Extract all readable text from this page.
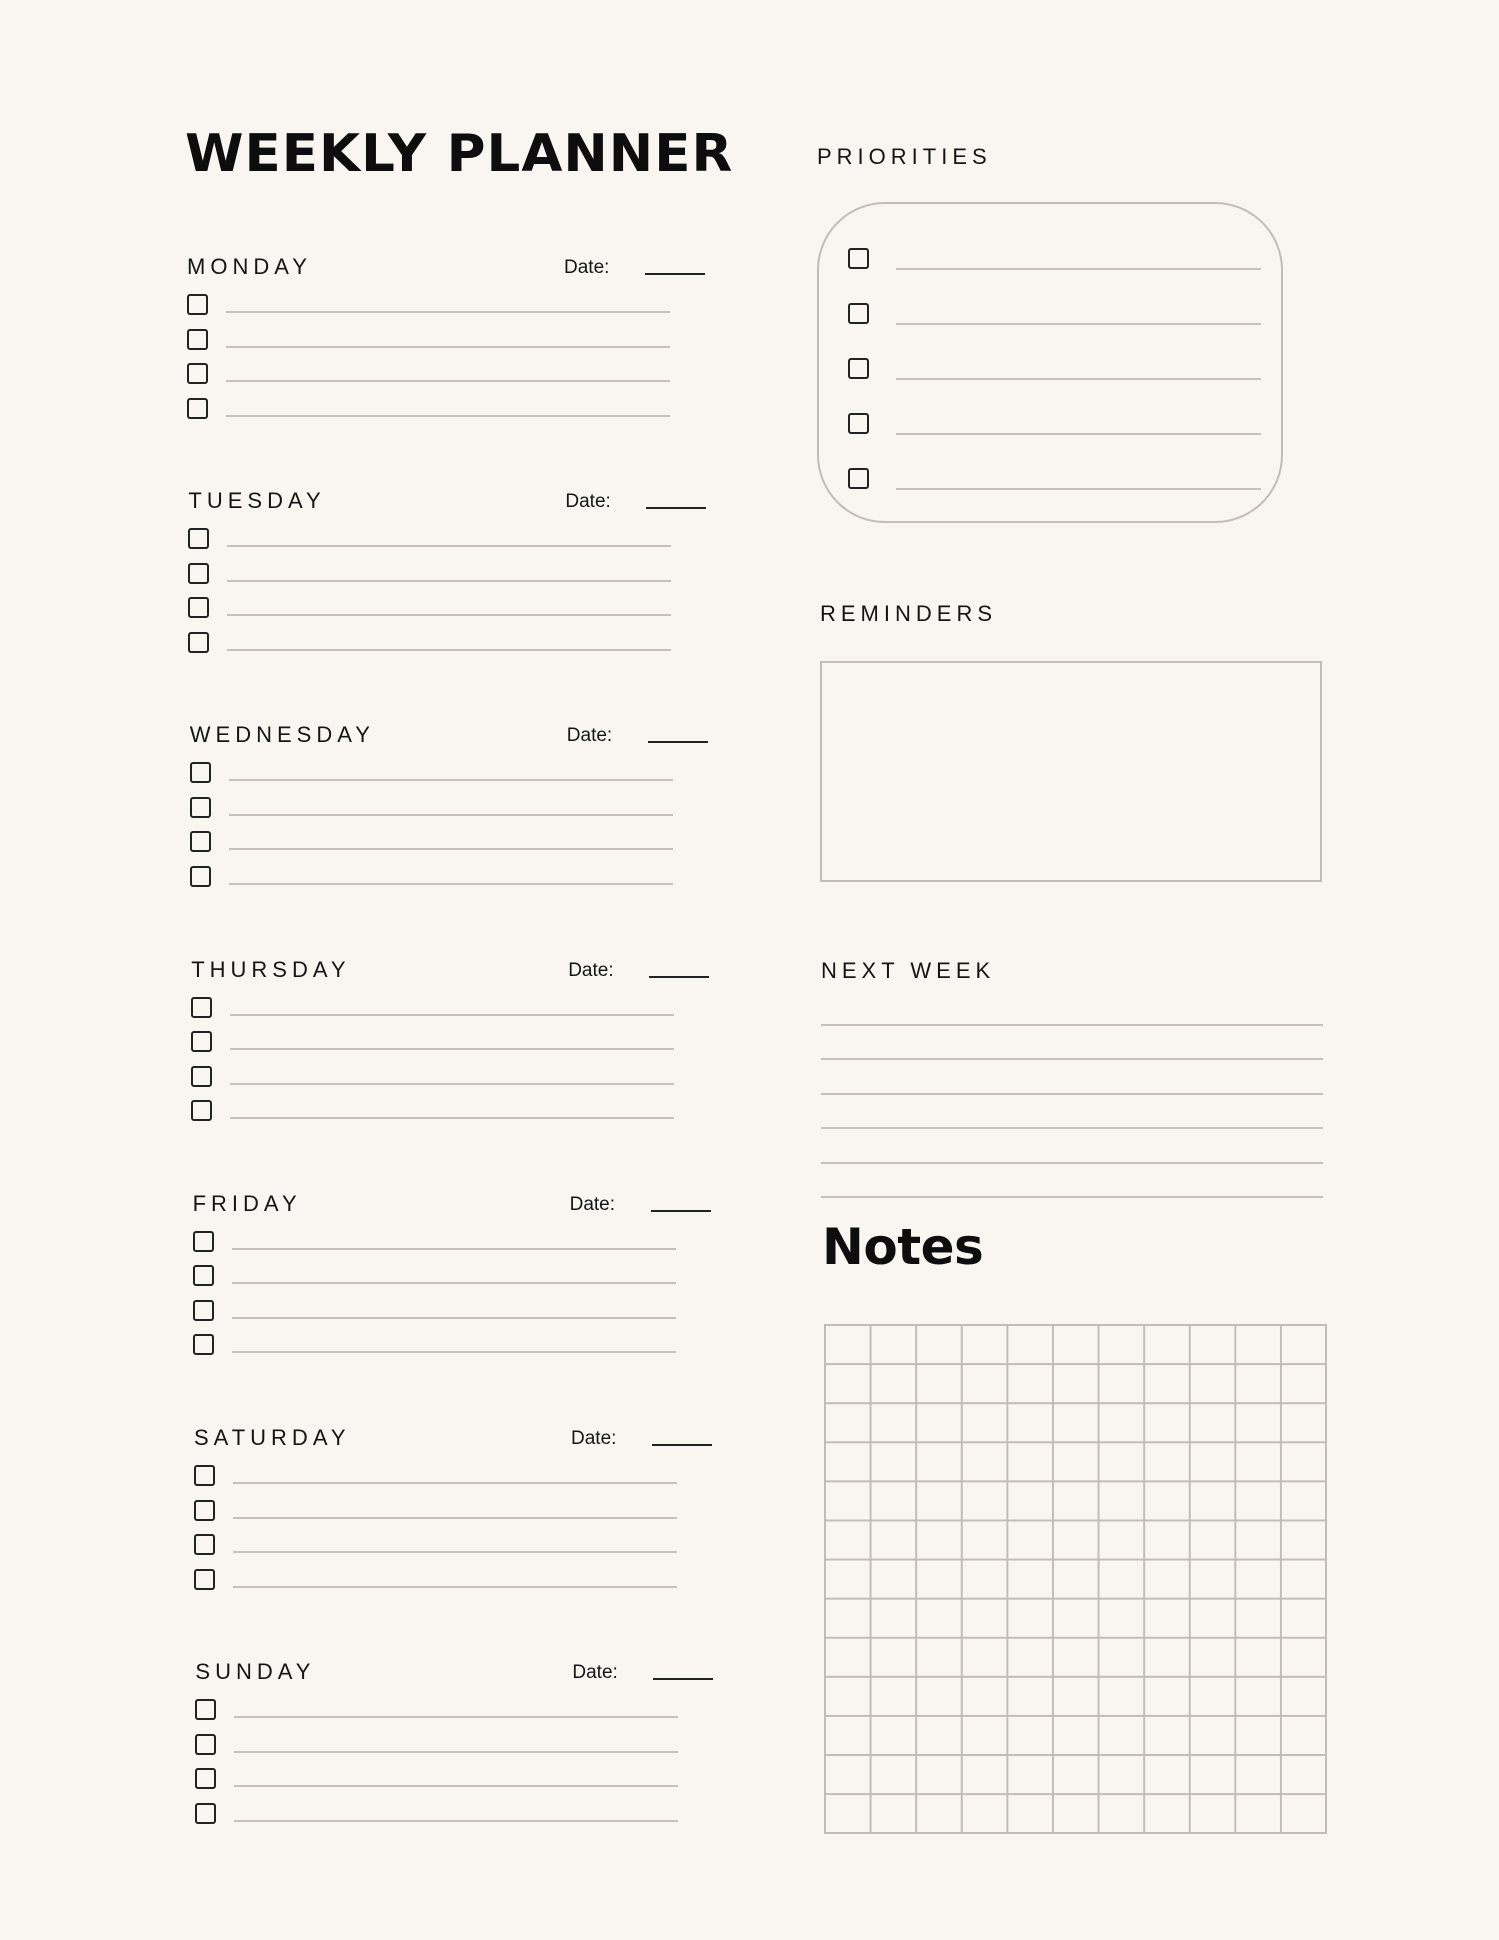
WEEKLY PLANNER
MONDAY	Date:
TUESDAY	Date:
WEDNESDAY	Date:
THURSDAY	Date:
FRIDAY	Date:
SATURDAY	Date:
SUNDAY	Date:
PRIORITIES
REMINDERS
NEXT WEEK
Notes
